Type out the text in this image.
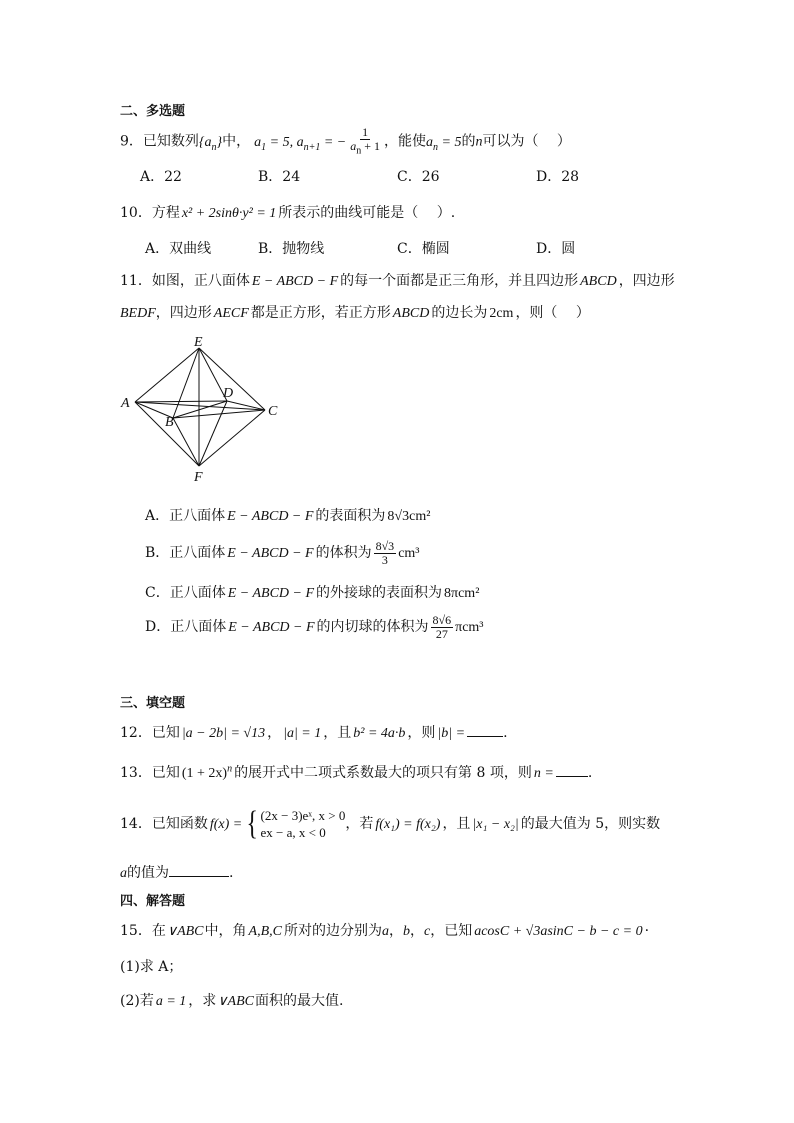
二、多选题
9．已知数列$\{a_n\}$中， $a_1 = 5$, $a_{n+1}$ = − $\frac{1}{a_n + 1}$ ，能使$a_n = 5$的n可以为（　 ）
A．22	B．24	C．26	D．28
10．方程 x² + 2sinθ·y² = 1 所表示的曲线可能是（　 ）.
A．双曲线	B．抛物线	C．椭圆	D．圆
11．如图，正八面体 E − ABCD − F 的每一个面都是正三角形，并且四边形 ABCD ，四边形
BEDF，四边形 AECF 都是正方形，若正方形 ABCD 的边长为 2cm ，则（　 ）
E
A
D
C
B
F
A．正八面体 E − ABCD − F 的表面积为 8√3cm²
B．正八面体 E − ABCD − F 的体积为 $\frac{8√3}{3} cm^3$
C．正八面体 E − ABCD − F 的外接球的表面积为 8πcm²
D．正八面体 E − ABCD − F 的内切球的体积为 $\frac{8√6}{27} \pi cm^3$
三、填空题
12．已知 |a − 2b| = √13 ， |a| = 1 ，且 b² = 4a·b ，则 |b| =	.
13．已知 $(1 + 2x)^n$ 的展开式中二项式系数最大的项只有第 8 项，则 n = .
14．已知函数 f(x) = { (2x − 3)eˣ, x > 0
ex − a, x < 0
，若 f(x₁) = f(x₂) ，且 |x₁ − x₂| 的最大值为 5，则实数
a的值为	.
四、解答题
15．在∨ABC中，角 A,B,C 所对的边分别为a，b，c，已知 acosC + √3asinC − b − c = 0 ·
(1)求 A；
(2)若 a = 1 ，求∨ABC面积的最大值.
